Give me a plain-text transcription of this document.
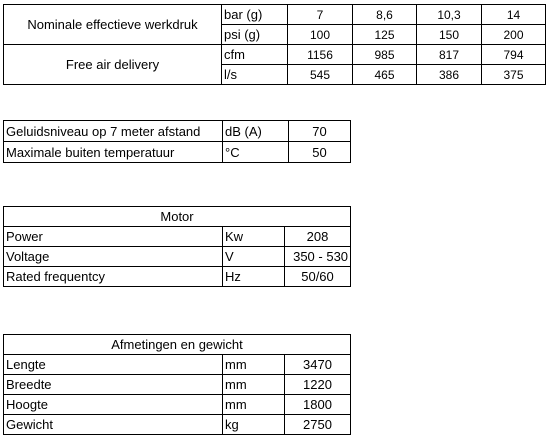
Nominale effectieve werkdruk	bar (g)	7	8,6	10,3	14
	psi (g)	100	125	150	200
Free air delivery	cfm	1156	985	817	794
	l/s	545	465	386	375
Geluidsniveau op 7 meter afstand	dB (A)	70
Maximale buiten temperatuur	°C	50
Motor		
Power	Kw	208
Voltage	V	350 - 530
Rated frequentcy	Hz	50/60
Afmetingen en gewicht		
Lengte	mm	3470
Breedte	mm	1220
Hoogte	mm	1800
Gewicht	kg	2750
